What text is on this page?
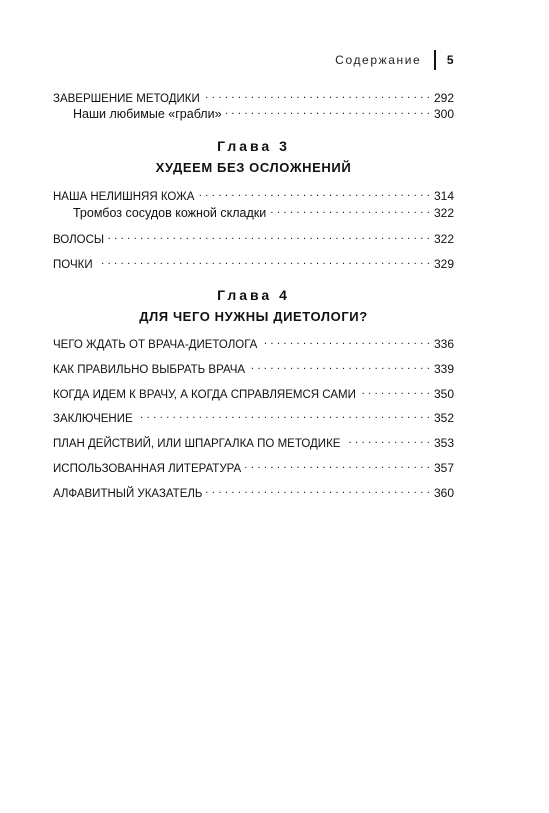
Содержание 5
ЗАВЕРШЕНИЕ МЕТОДИКИ . . .	292
Наши любимые «грабли» . . .	300
НАША НЕЛИШНЯЯ КОЖА . . .	314
Тромбоз сосудов кожной складки . . .	322
ВОЛОСЫ . . .	322
ПОЧКИ . . .	329
ЧЕГО ЖДАТЬ ОТ ВРАЧА-ДИЕТОЛОГА . . .	336
КАК ПРАВИЛЬНО ВЫБРАТЬ ВРАЧА . . .	339
КОГДА ИДЕМ К ВРАЧУ, А КОГДА СПРАВЛЯЕМСЯ САМИ . . .	350
ЗАКЛЮЧЕНИЕ . . .	352
ПЛАН ДЕЙСТВИЙ, ИЛИ ШПАРГАЛКА ПО МЕТОДИКЕ . . .	353
ИСПОЛЬЗОВАННАЯ ЛИТЕРАТУРА . . .	357
АЛФАВИТНЫЙ УКАЗАТЕЛЬ . . .	360
Глава 3
ХУДЕЕМ БЕЗ ОСЛОЖНЕНИЙ
Глава 4
ДЛЯ ЧЕГО НУЖНЫ ДИЕТОЛОГИ?
